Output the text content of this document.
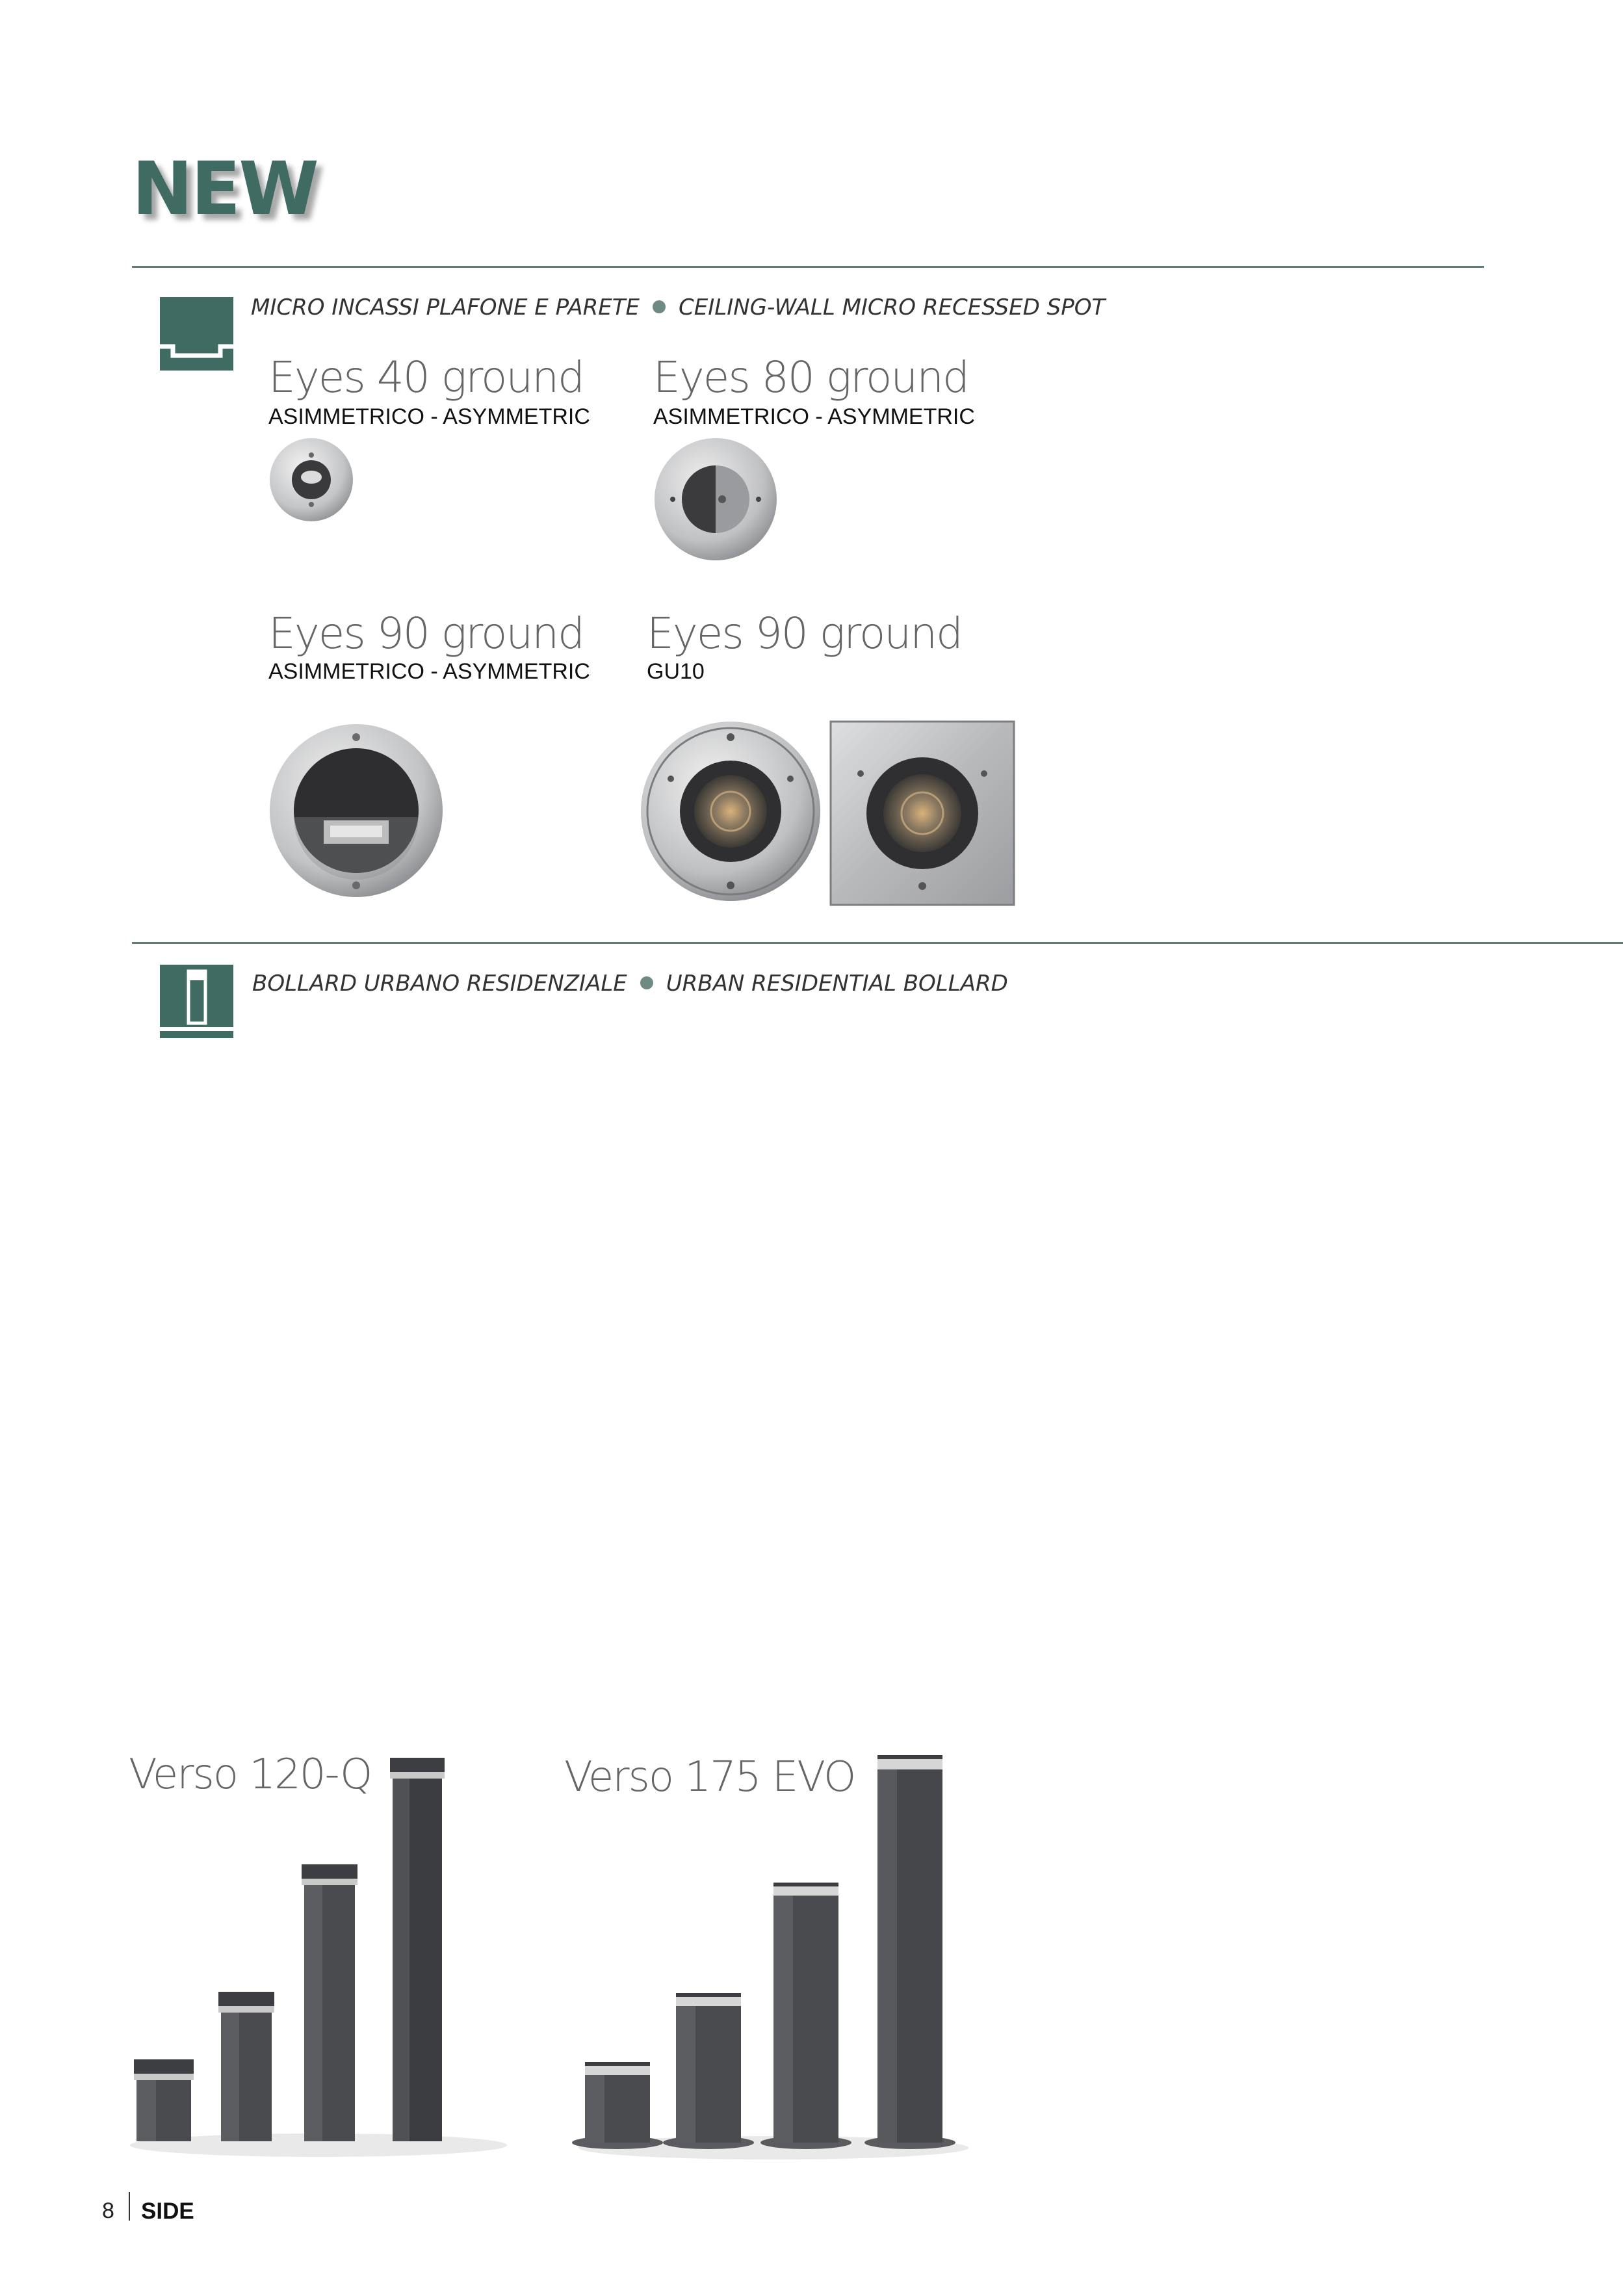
NEW
MICRO INCASSI PLAFONE E PARETE CEILING-WALL MICRO RECESSED SPOT
Eyes 40 ground
ASIMMETRICO - ASYMMETRIC
Eyes 80 ground
ASIMMETRICO - ASYMMETRIC
Eyes 90 ground
ASIMMETRICO - ASYMMETRIC
Eyes 90 ground
GU10
BOLLARD URBANO RESIDENZIALE URBAN RESIDENTIAL BOLLARD
Verso 120-Q	Verso 175 EVO
8 SIDE
